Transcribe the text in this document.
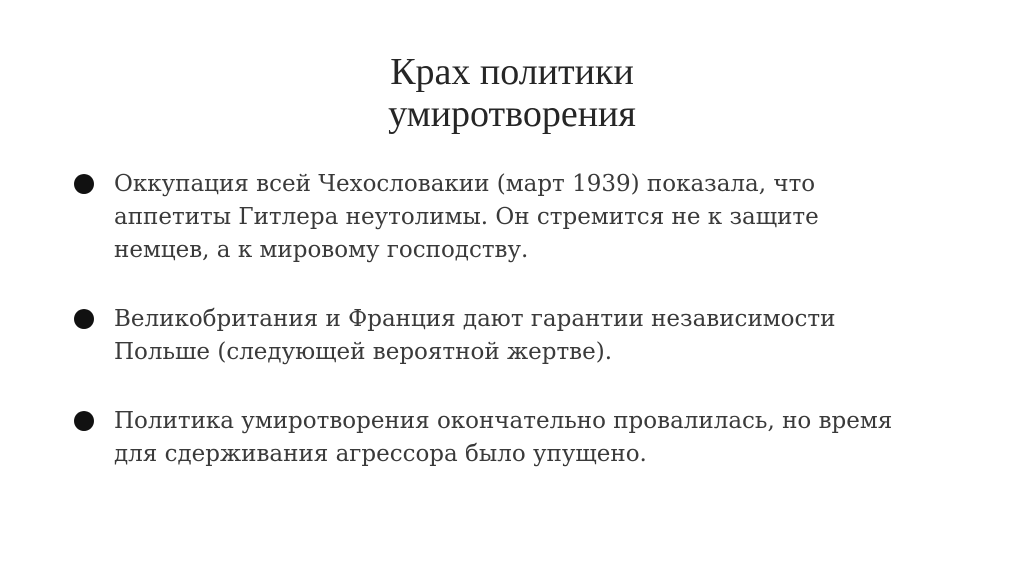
Крах политики
умиротворения
Оккупация всей Чехословакии (март 1939) показала, что
аппетиты Гитлера неутолимы. Он стремится не к защите
немцев, а к мировому господству.
Великобритания и Франция дают гарантии независимости
Польше (следующей вероятной жертве).
Политика умиротворения окончательно провалилась, но время
для сдерживания агрессора было упущено.
